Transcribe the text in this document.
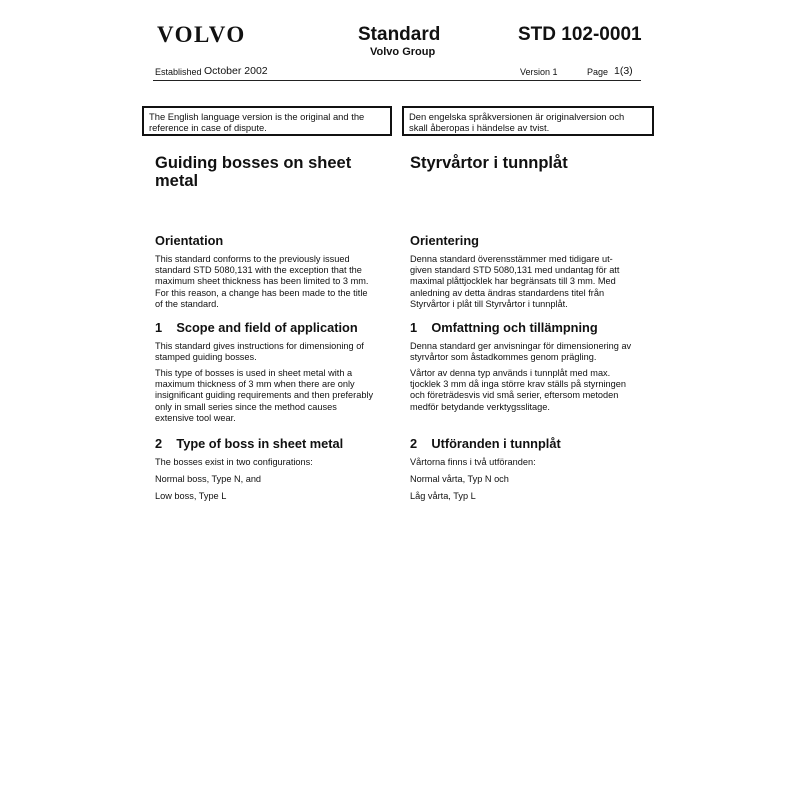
VOLVO	Standard
Volvo Group
STD 102-0001
Established October 2002	Version 1	Page 1(3)
The English language version is the original and the
reference in case of dispute.
Den engelska språkversionen är originalversion och
skall åberopas i händelse av tvist.
Guiding bosses on sheet
metal
Styrvårtor i tunnplåt
Orientation
This standard conforms to the previously issued
standard STD 5080,131 with the exception that the
maximum sheet thickness has been limited to 3 mm.
For this reason, a change has been made to the title
of the standard.
Orientering
Denna standard överensstämmer med tidigare ut-
given standard STD 5080,131 med undantag för att
maximal plåttjocklek har begränsats till 3 mm. Med
anledning av detta ändras standardens titel från
Styrvårtor i plåt till Styrvårtor i tunnplåt.
1    Scope and field of application
This standard gives instructions for dimensioning of
stamped guiding bosses.
This type of bosses is used in sheet metal with a
maximum thickness of 3 mm when there are only
insignificant guiding requirements and then preferably
only in small series since the method causes
extensive tool wear.
1    Omfattning och tillämpning
Denna standard ger anvisningar för dimensionering av
styrvårtor som åstadkommes genom prägling.
Vårtor av denna typ används i tunnplåt med max.
tjocklek 3 mm då inga större krav ställs på styrningen
och företrädesvis vid små serier, eftersom metoden
medför betydande verktygsslitage.
2    Type of boss in sheet metal
The bosses exist in two configurations:
Normal boss, Type N, and
Low boss, Type L
2    Utföranden i tunnplåt
Vårtorna finns i två utföranden:
Normal vårta, Typ N och
Låg vårta, Typ L
